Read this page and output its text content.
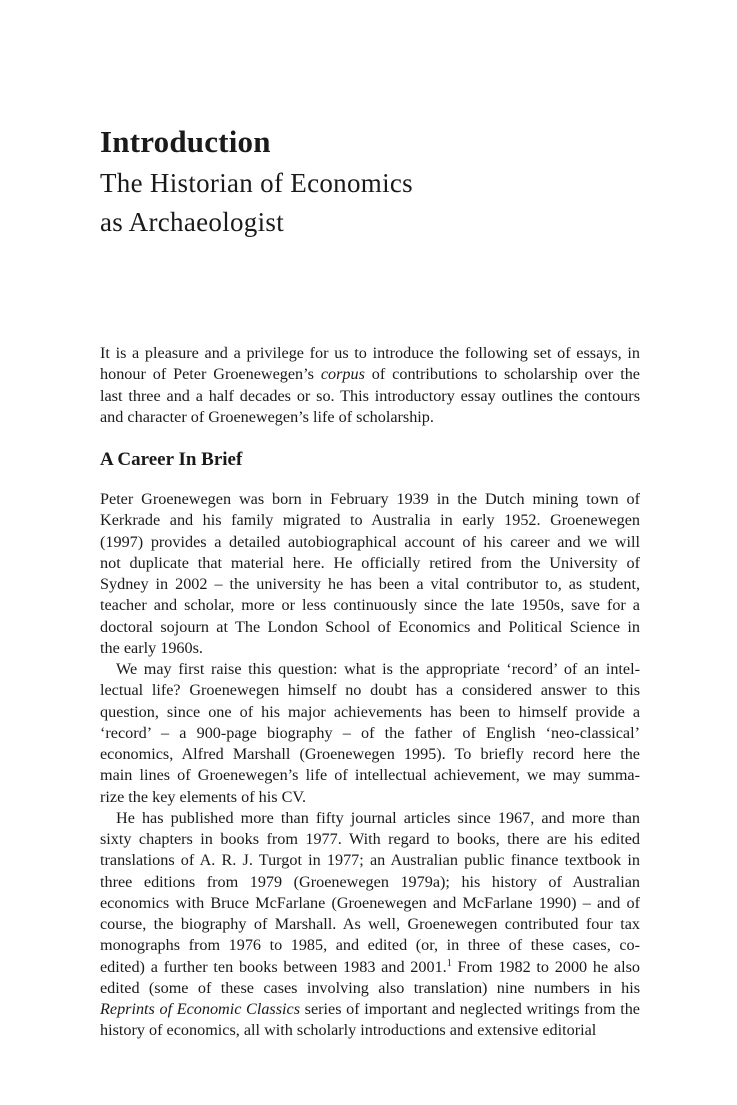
Introduction
The Historian of Economics
as Archaeologist
It is a pleasure and a privilege for us to introduce the following set of essays, in
honour of Peter Groenewegen’s corpus of contributions to scholarship over the
last three and a half decades or so. This introductory essay outlines the contours
and character of Groenewegen’s life of scholarship.
A Career In Brief
Peter Groenewegen was born in February 1939 in the Dutch mining town of
Kerkrade and his family migrated to Australia in early 1952. Groenewegen
(1997) provides a detailed autobiographical account of his career and we will
not duplicate that material here. He officially retired from the University of
Sydney in 2002 – the university he has been a vital contributor to, as student,
teacher and scholar, more or less continuously since the late 1950s, save for a
doctoral sojourn at The London School of Economics and Political Science in
the early 1960s.
We may first raise this question: what is the appropriate ‘record’ of an intel-
lectual life? Groenewegen himself no doubt has a considered answer to this
question, since one of his major achievements has been to himself provide a
‘record’ – a 900-page biography – of the father of English ‘neo-classical’
economics, Alfred Marshall (Groenewegen 1995). To briefly record here the
main lines of Groenewegen’s life of intellectual achievement, we may summa-
rize the key elements of his CV.
He has published more than fifty journal articles since 1967, and more than
sixty chapters in books from 1977. With regard to books, there are his edited
translations of A. R. J. Turgot in 1977; an Australian public finance textbook in
three editions from 1979 (Groenewegen 1979a); his history of Australian
economics with Bruce McFarlane (Groenewegen and McFarlane 1990) – and of
course, the biography of Marshall. As well, Groenewegen contributed four tax
monographs from 1976 to 1985, and edited (or, in three of these cases, co-
edited) a further ten books between 1983 and 2001.$^1$ From 1982 to 2000 he also
edited (some of these cases involving also translation) nine numbers in his
Reprints of Economic Classics series of important and neglected writings from the
history of economics, all with scholarly introductions and extensive editorial
